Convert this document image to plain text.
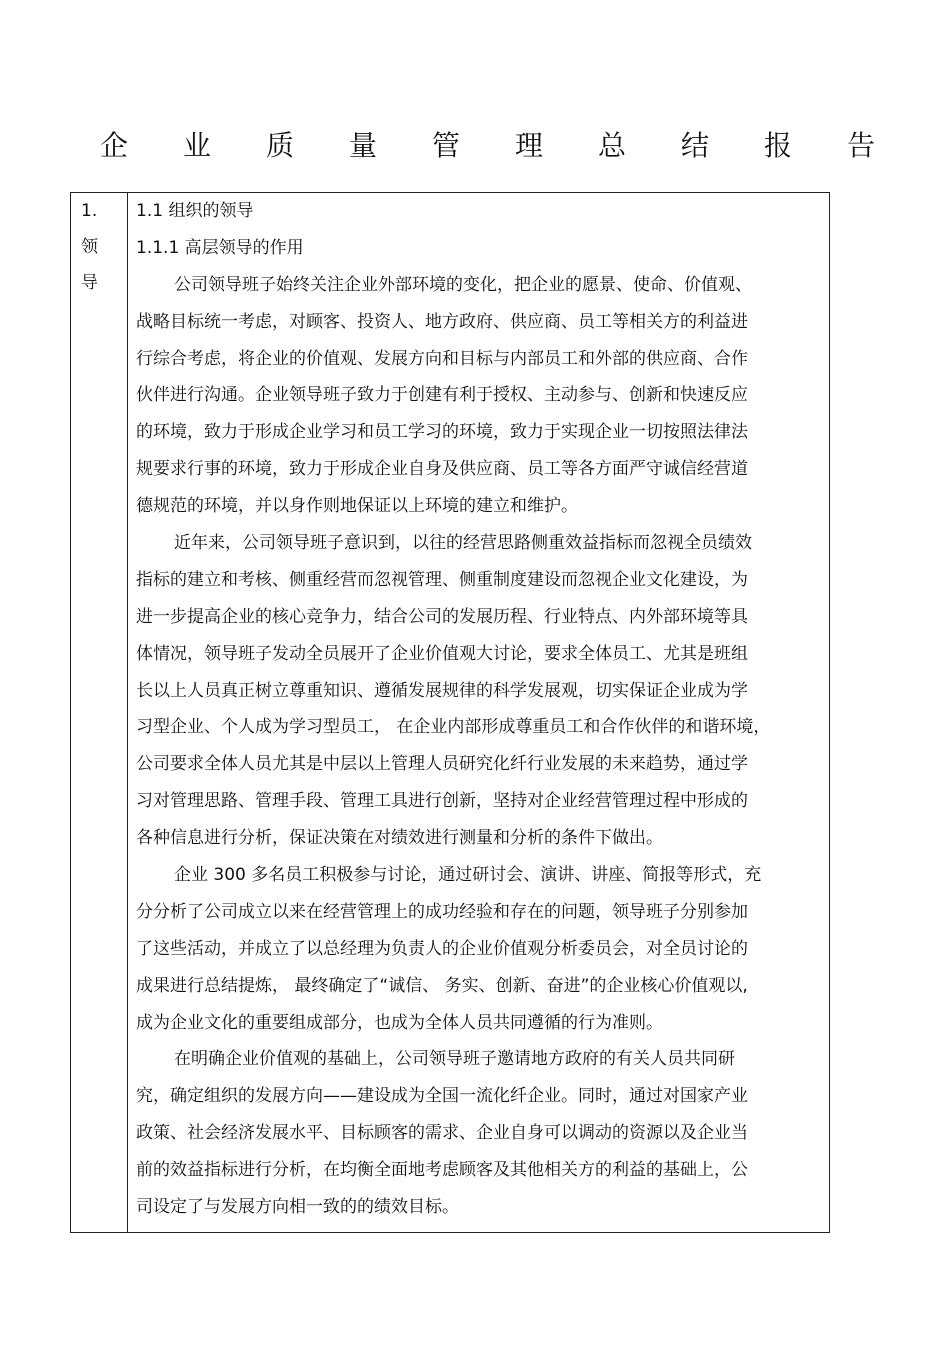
企 业 质 量 管 理 总 结 报 告
1.
领
导
1.1 组织的领导
1.1.1 高层领导的作用
公司领导班子始终关注企业外部环境的变化，把企业的愿景、使命、价值观、
战略目标统一考虑，对顾客、投资人、地方政府、供应商、员工等相关方的利益进
行综合考虑，将企业的价值观、发展方向和目标与内部员工和外部的供应商、合作
伙伴进行沟通。企业领导班子致力于创建有利于授权、主动参与、创新和快速反应
的环境，致力于形成企业学习和员工学习的环境，致力于实现企业一切按照法律法
规要求行事的环境，致力于形成企业自身及供应商、员工等各方面严守诚信经营道
德规范的环境，并以身作则地保证以上环境的建立和维护。
近年来，公司领导班子意识到，以往的经营思路侧重效益指标而忽视全员绩效
指标的建立和考核、侧重经营而忽视管理、侧重制度建设而忽视企业文化建设，为
进一步提高企业的核心竞争力，结合公司的发展历程、行业特点、内外部环境等具
体情况，领导班子发动全员展开了企业价值观大讨论，要求全体员工、尤其是班组
长以上人员真正树立尊重知识、遵循发展规律的科学发展观，切实保证企业成为学
习型企业、个人成为学习型员工， 在企业内部形成尊重员工和合作伙伴的和谐环境，
公司要求全体人员尤其是中层以上管理人员研究化纤行业发展的未来趋势，通过学
习对管理思路、管理手段、管理工具进行创新，坚持对企业经营管理过程中形成的
各种信息进行分析，保证决策在对绩效进行测量和分析的条件下做出。
企业 300 多名员工积极参与讨论，通过研讨会、演讲、讲座、简报等形式，充
分分析了公司成立以来在经营管理上的成功经验和存在的问题，领导班子分别参加
了这些活动，并成立了以总经理为负责人的企业价值观分析委员会，对全员讨论的
成果进行总结提炼， 最终确定了“诚信、 务实、创新、奋进”的企业核心价值观以,
成为企业文化的重要组成部分，也成为全体人员共同遵循的行为准则。
在明确企业价值观的基础上，公司领导班子邀请地方政府的有关人员共同研
究，确定组织的发展方向——建设成为全国一流化纤企业。同时，通过对国家产业
政策、社会经济发展水平、目标顾客的需求、企业自身可以调动的资源以及企业当
前的效益指标进行分析，在均衡全面地考虑顾客及其他相关方的利益的基础上，公
司设定了与发展方向相一致的的绩效目标。
